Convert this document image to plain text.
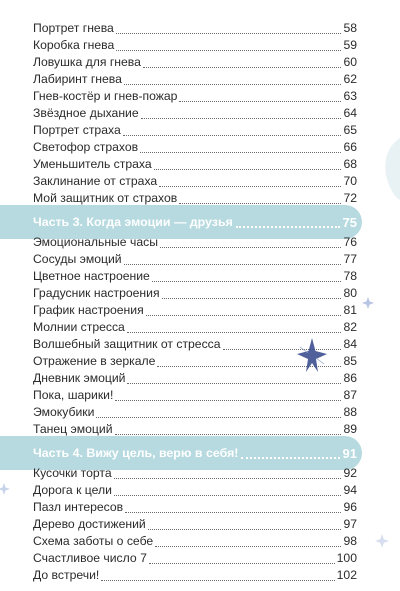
Портрет гнева	58
Коробка гнева	59
Ловушка для гнева	60
Лабиринт гнева	62
Гнев-костёр и гнев-пожар	63
Звёздное дыхание	64
Портрет страха	65
Светофор страхов	66
Уменьшитель страха	68
Заклинание от страха	70
Мой защитник от страхов	72
Часть 3. Когда эмоции — друзья	75
Эмоциональные часы	76
Сосуды эмоций	77
Цветное настроение	78
Градусник настроения	80
График настроения	81
Молнии стресса	82
Волшебный защитник от стресса	84
Отражение в зеркале	85
Дневник эмоций	86
Пока, шарики!	87
Эмокубики	88
Танец эмоций	89
Часть 4. Вижу цель, верю в себя!	91
Кусочки торта	92
Дорога к цели	94
Пазл интересов	96
Дерево достижений	97
Схема заботы о себе	98
Счастливое число 7	100
До встречи!	102
